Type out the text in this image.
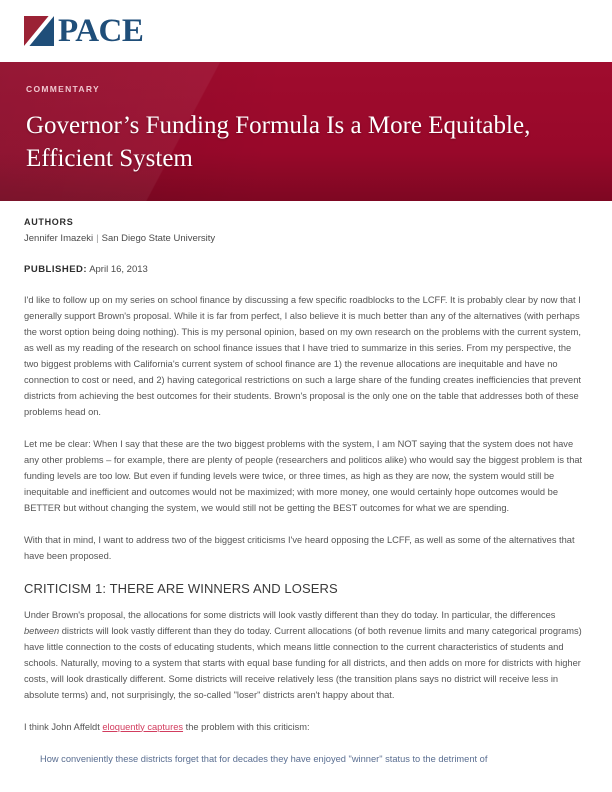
PACE
COMMENTARY
Governor’s Funding Formula Is a More Equitable, Efficient System
AUTHORS
Jennifer Imazeki | San Diego State University
PUBLISHED: April 16, 2013

I'd like to follow up on my series on school finance by discussing a few specific roadblocks to the LCFF. It is probably clear by now that I generally support Brown's proposal. While it is far from perfect, I also believe it is much better than any of the alternatives (with perhaps the worst option being doing nothing). This is my personal opinion, based on my own research on the problems with the current system, as well as my reading of the research on school finance issues that I have tried to summarize in this series. From my perspective, the two biggest problems with California's current system of school finance are 1) the revenue allocations are inequitable and have no connection to cost or need, and 2) having categorical restrictions on such a large share of the funding creates inefficiencies that prevent districts from achieving the best outcomes for their students. Brown's proposal is the only one on the table that addresses both of these problems head on.

Let me be clear: When I say that these are the two biggest problems with the system, I am NOT saying that the system does not have any other problems – for example, there are plenty of people (researchers and politicos alike) who would say the biggest problem is that funding levels are too low. But even if funding levels were twice, or three times, as high as they are now, the system would still be inequitable and inefficient and outcomes would not be maximized; with more money, one would certainly hope outcomes would be BETTER but without changing the system, we would still not be getting the BEST outcomes for what we are spending.

With that in mind, I want to address two of the biggest criticisms I've heard opposing the LCFF, as well as some of the alternatives that have been proposed.

CRITICISM 1: THERE ARE WINNERS AND LOSERS

Under Brown's proposal, the allocations for some districts will look vastly different than they do today. In particular, the differences between districts will look vastly different than they do today. Current allocations (of both revenue limits and many categorical programs) have little connection to the costs of educating students, which means little connection to the current characteristics of students and schools. Naturally, moving to a system that starts with equal base funding for all districts, and then adds on more for districts with higher costs, will look drastically different. Some districts will receive relatively less (the transition plans says no district will receive less in absolute terms) and, not surprisingly, the so-called "loser" districts aren't happy about that.

I think John Affeldt eloquently captures the problem with this criticism:

How conveniently these districts forget that for decades they have enjoyed "winner" status to the detriment of
